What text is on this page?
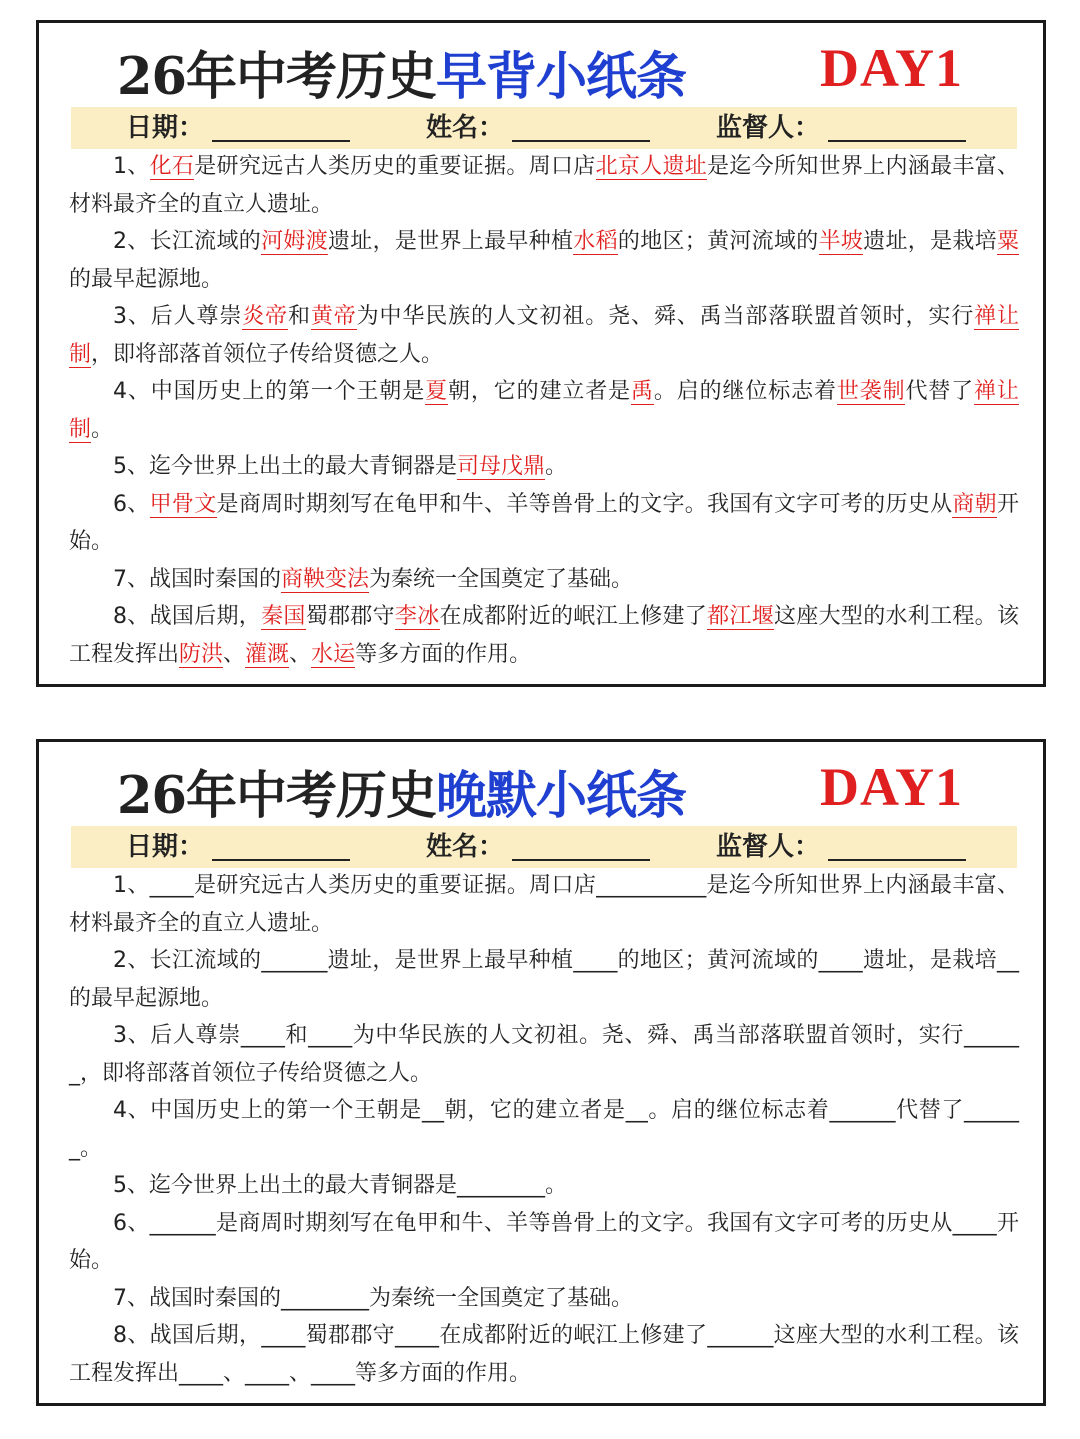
26年中考历史早背小纸条 DAY1
日期：	姓名：	监督人：

1、化石是研究远古人类历史的重要证据。周口店北京人遗址是迄今所知世界上内涵最丰富、材料最齐全的直立人遗址。

2、长江流域的河姆渡遗址，是世界上最早种植水稻的地区；黄河流域的半坡遗址，是栽培粟的最早起源地。

3、后人尊崇炎帝和黄帝为中华民族的人文初祖。尧、舜、禹当部落联盟首领时，实行禅让制，即将部落首领位子传给贤德之人。

4、中国历史上的第一个王朝是夏朝，它的建立者是禹。启的继位标志着世袭制代替了禅让制。

5、迄今世界上出土的最大青铜器是司母戊鼎。

6、甲骨文是商周时期刻写在龟甲和牛、羊等兽骨上的文字。我国有文字可考的历史从商朝开始。

7、战国时秦国的商鞅变法为秦统一全国奠定了基础。

8、战国后期，秦国蜀郡郡守李冰在成都附近的岷江上修建了都江堰这座大型的水利工程。该工程发挥出防洪、灌溉、水运等多方面的作用。

26年中考历史晚默小纸条 DAY1
日期：	姓名：	监督人：

1、____是研究远古人类历史的重要证据。周口店__________是迄今所知世界上内涵最丰富、材料最齐全的直立人遗址。

2、长江流域的______遗址，是世界上最早种植____的地区；黄河流域的____遗址，是栽培__的最早起源地。

3、后人尊崇____和____为中华民族的人文初祖。尧、舜、禹当部落联盟首领时，实行______，即将部落首领位子传给贤德之人。

4、中国历史上的第一个王朝是__朝，它的建立者是__。启的继位标志着______代替了______。

5、迄今世界上出土的最大青铜器是________。

6、______是商周时期刻写在龟甲和牛、羊等兽骨上的文字。我国有文字可考的历史从____开始。

7、战国时秦国的________为秦统一全国奠定了基础。

8、战国后期，____蜀郡郡守____在成都附近的岷江上修建了______这座大型的水利工程。该工程发挥出____、____、____等多方面的作用。
